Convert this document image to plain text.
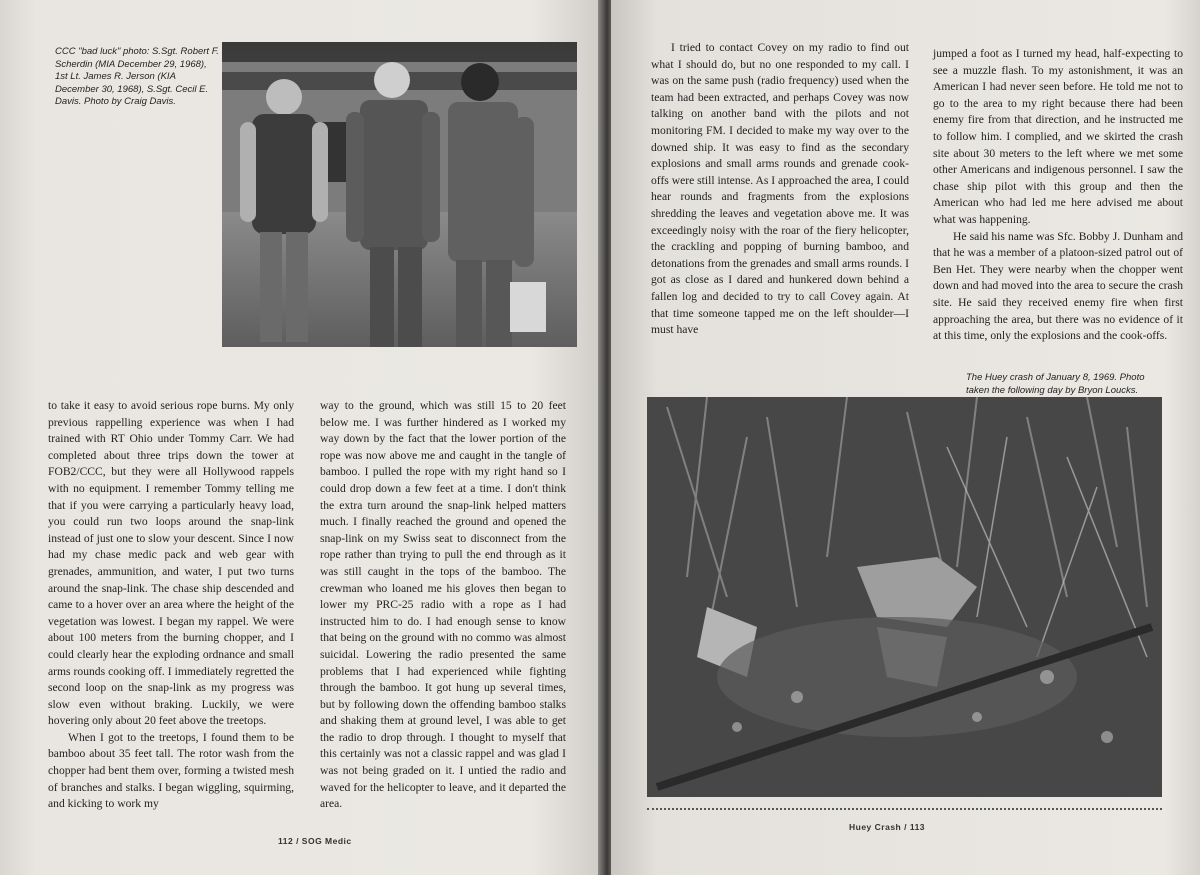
CCC "bad luck" photo: S.Sgt. Robert F. Scherdin (MIA December 29, 1968), 1st Lt. James R. Jerson (KIA December 30, 1968), S.Sgt. Cecil E. Davis. Photo by Craig Davis.

to take it easy to avoid serious rope burns. My only previous rappelling experience was when I had trained with RT Ohio under Tommy Carr. We had completed about three trips down the tower at FOB2/CCC, but they were all Hollywood rappels with no equipment. I remember Tommy telling me that if you were carrying a particularly heavy load, you could run two loops around the snap-link instead of just one to slow your descent. Since I now had my chase medic pack and web gear with grenades, ammunition, and water, I put two turns around the snap-link. The chase ship descended and came to a hover over an area where the height of the vegetation was lowest. I began my rappel. We were about 100 meters from the burning chopper, and I could clearly hear the exploding ordnance and small arms rounds cooking off. I immediately regretted the second loop on the snap-link as my progress was slow even without braking. Luckily, we were hovering only about 20 feet above the treetops.

When I got to the treetops, I found them to be bamboo about 35 feet tall. The rotor wash from the chopper had bent them over, forming a twisted mesh of branches and stalks. I began wiggling, squirming, and kicking to work my

way to the ground, which was still 15 to 20 feet below me. I was further hindered as I worked my way down by the fact that the lower portion of the rope was now above me and caught in the tangle of bamboo. I pulled the rope with my right hand so I could drop down a few feet at a time. I don't think the extra turn around the snap-link helped matters much. I finally reached the ground and opened the snap-link on my Swiss seat to disconnect from the rope rather than trying to pull the end through as it was still caught in the tops of the bamboo. The crewman who loaned me his gloves then began to lower my PRC-25 radio with a rope as I had instructed him to do. I had enough sense to know that being on the ground with no commo was almost suicidal. Lowering the radio presented the same problems that I had experienced while fighting through the bamboo. It got hung up several times, but by following down the offending bamboo stalks and shaking them at ground level, I was able to get the radio to drop through. I thought to myself that this certainly was not a classic rappel and was glad I was not being graded on it. I untied the radio and waved for the helicopter to leave, and it departed the area.

112 / SOG Medic

I tried to contact Covey on my radio to find out what I should do, but no one responded to my call. I was on the same push (radio frequency) used when the team had been extracted, and perhaps Covey was now talking on another band with the pilots and not monitoring FM. I decided to make my way over to the downed ship. It was easy to find as the secondary explosions and small arms rounds and grenade cook-offs were still intense. As I approached the area, I could hear rounds and fragments from the explosions shredding the leaves and vegetation above me. It was exceedingly noisy with the roar of the fiery helicopter, the crackling and popping of burning bamboo, and detonations from the grenades and small arms rounds. I got as close as I dared and hunkered down behind a fallen log and decided to try to call Covey again. At that time someone tapped me on the left shoulder—I must have

jumped a foot as I turned my head, half-expecting to see a muzzle flash. To my astonishment, it was an American I had never seen before. He told me not to go to the area to my right because there had been enemy fire from that direction, and he instructed me to follow him. I complied, and we skirted the crash site about 30 meters to the left where we met some other Americans and indigenous personnel. I saw the chase ship pilot with this group and then the American who had led me here advised me about what was happening.

He said his name was Sfc. Bobby J. Dunham and that he was a member of a platoon-sized patrol out of Ben Het. They were nearby when the chopper went down and had moved into the area to secure the crash site. He said they received enemy fire when first approaching the area, but there was no evidence of it at this time, only the explosions and the cook-offs.

The Huey crash of January 8, 1969. Photo taken the following day by Bryon Loucks.
Huey Crash / 113
